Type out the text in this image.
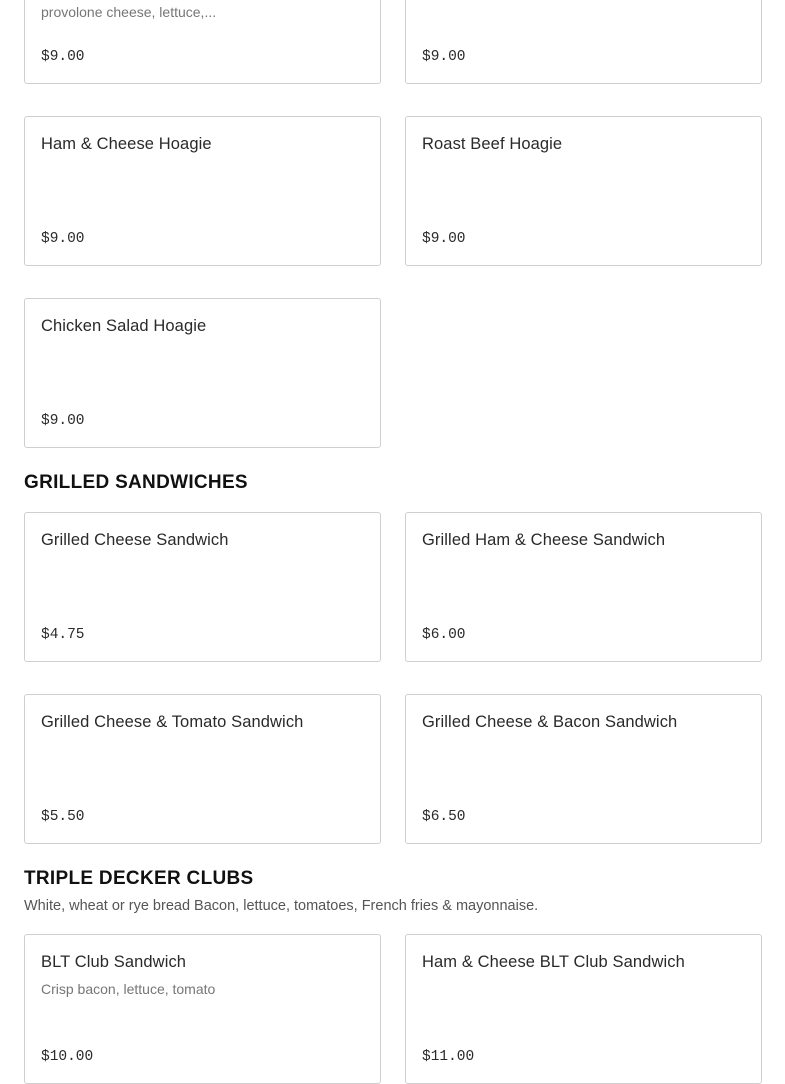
provolone cheese, lettuce,...
$9.00	$9.00
Ham & Cheese Hoagie
$9.00
Roast Beef Hoagie
$9.00
Chicken Salad Hoagie
$9.00
GRILLED SANDWICHES
Grilled Cheese Sandwich
$4.75
Grilled Ham & Cheese Sandwich
$6.00
Grilled Cheese & Tomato Sandwich
$5.50
Grilled Cheese & Bacon Sandwich
$6.50
TRIPLE DECKER CLUBS
White, wheat or rye bread Bacon, lettuce, tomatoes, French fries & mayonnaise.
BLT Club Sandwich
Crisp bacon, lettuce, tomato
$10.00
Ham & Cheese BLT Club Sandwich
$11.00
